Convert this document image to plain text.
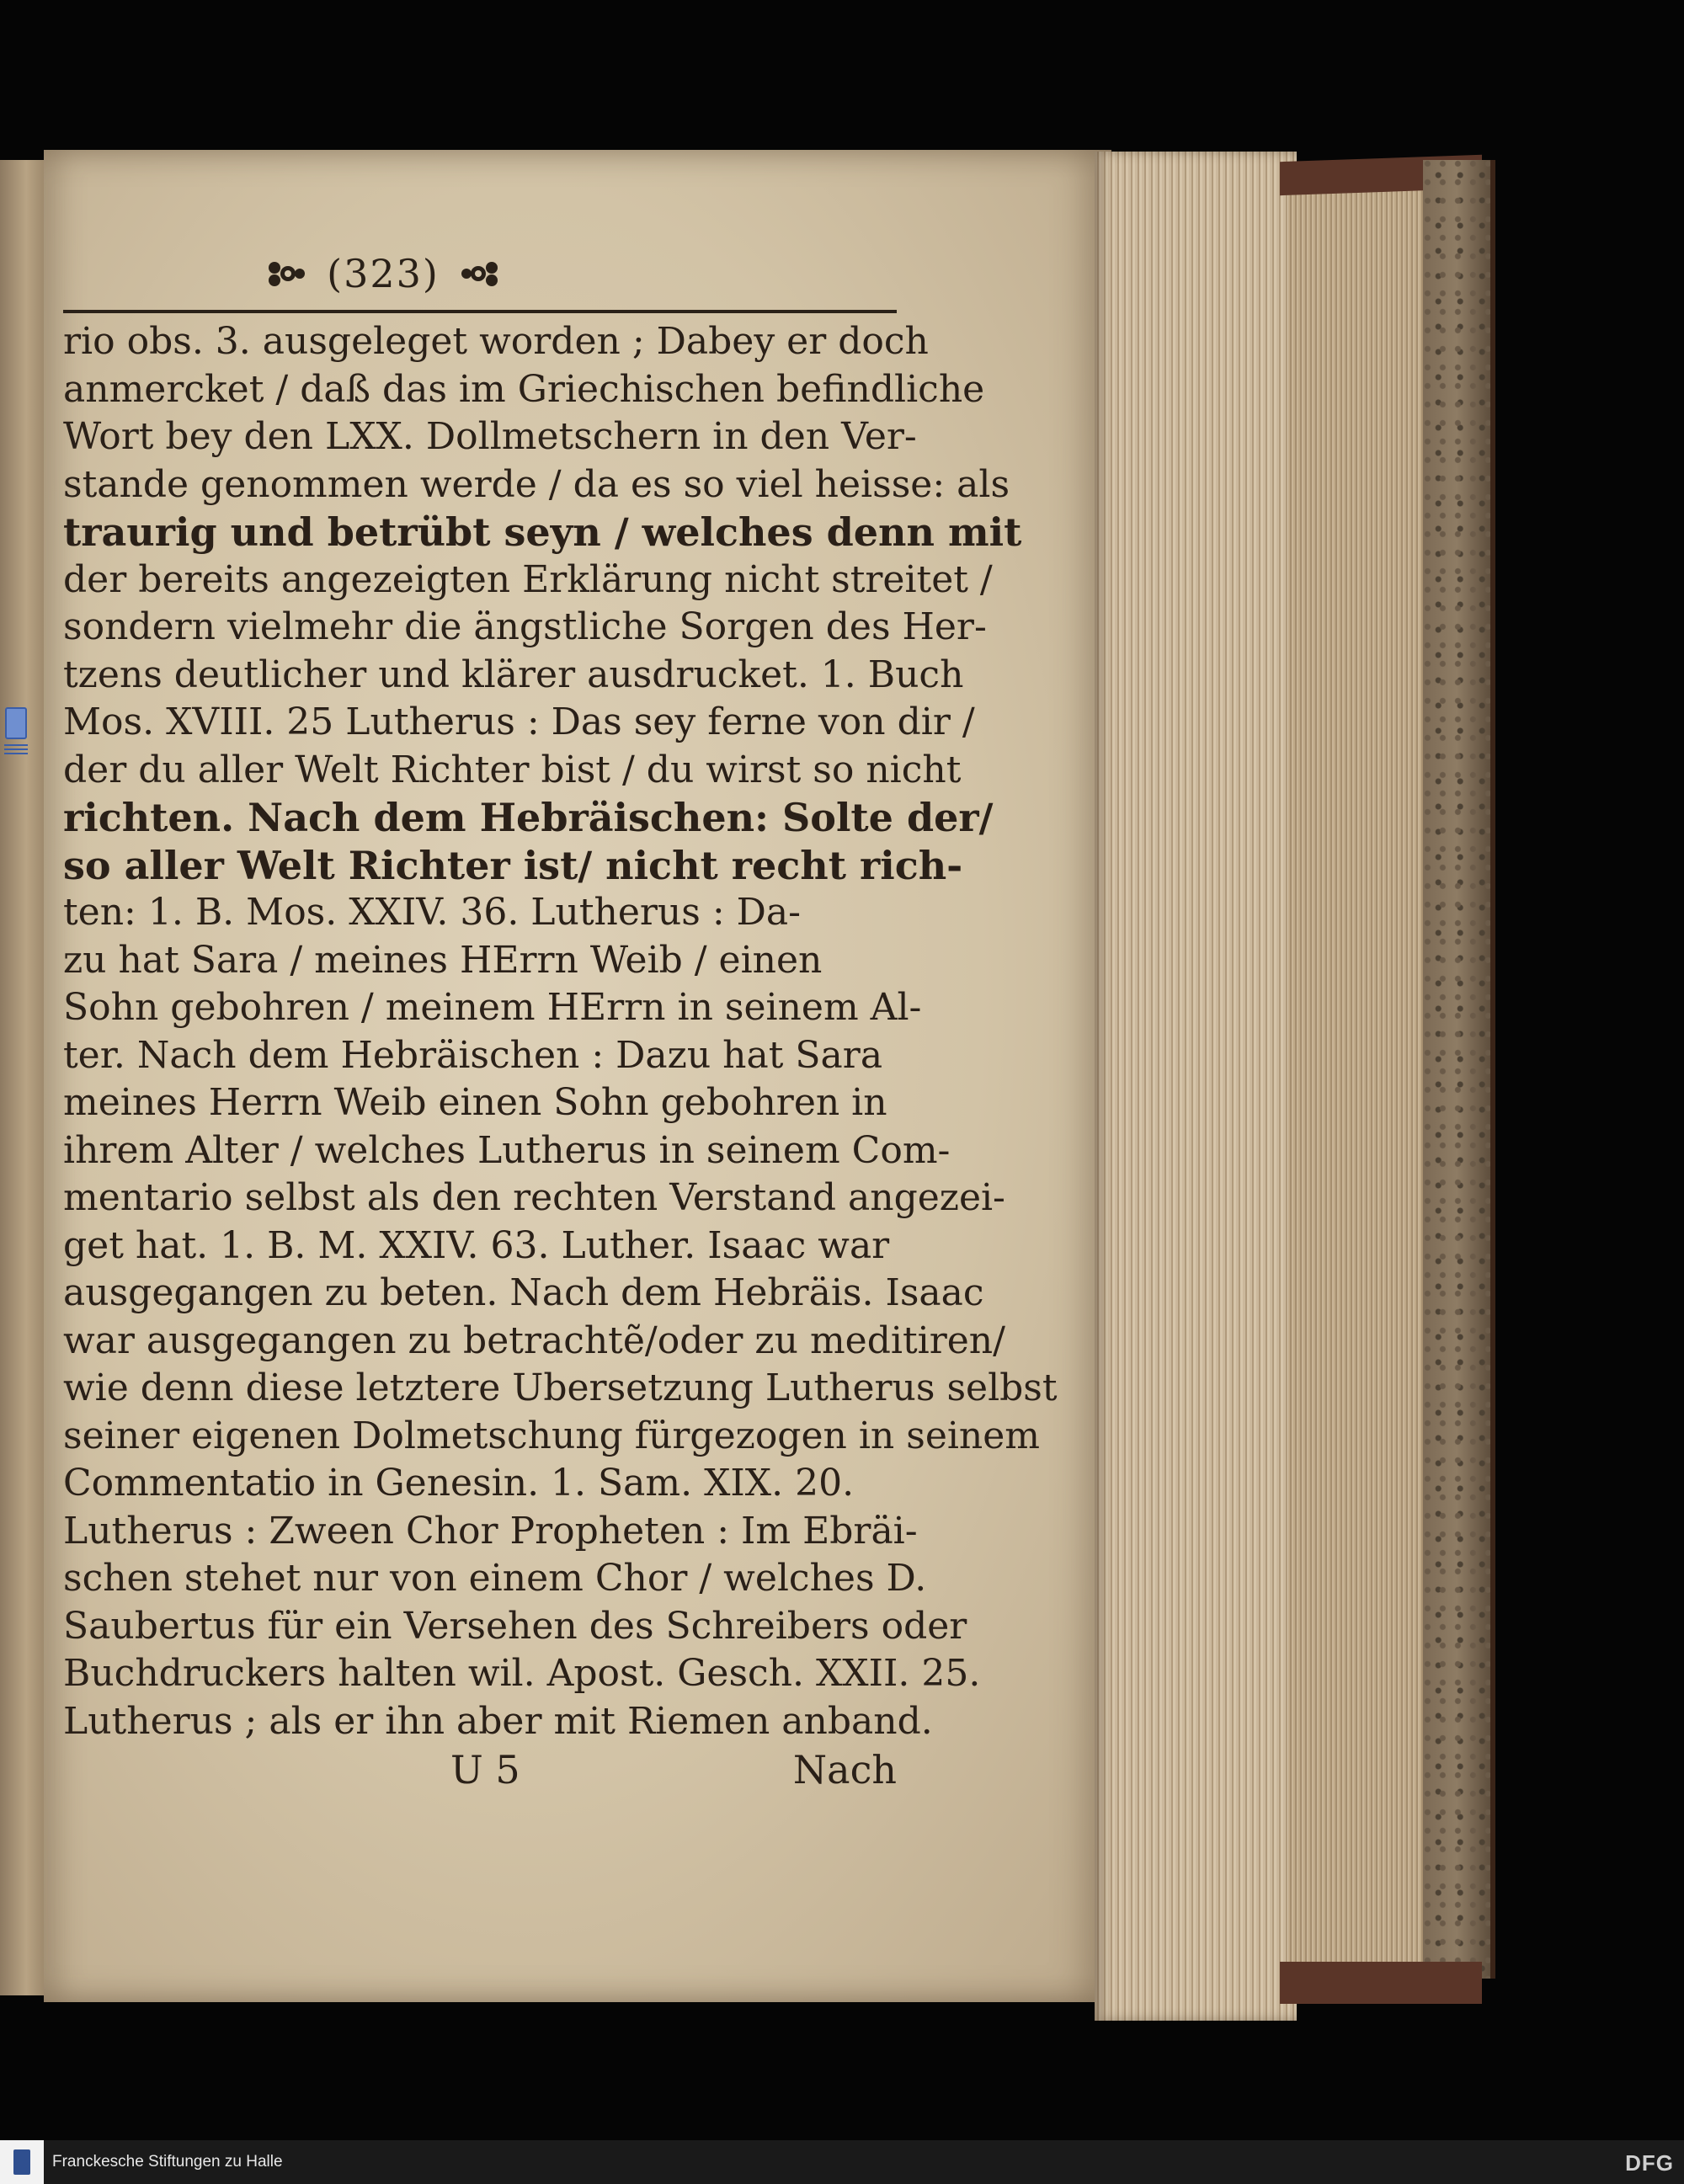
(323)
rio obs. 3. ausgeleget worden ; Dabey er doch
anmercket / daß das im Griechischen befindliche
Wort bey den LXX. Dollmetschern in den Ver-
stande genommen werde / da es so viel heisse: als
traurig und betrübt seyn / welches denn mit
der bereits angezeigten Erklärung nicht streitet /
sondern vielmehr die ängstliche Sorgen des Her-
tzens deutlicher und klärer ausdrucket. 1. Buch
Mos. XVIII. 25 Lutherus : Das sey ferne von dir /
der du aller Welt Richter bist / du wirst so nicht
richten. Nach dem Hebräischen: Solte der/
so aller Welt Richter ist/ nicht recht rich-
ten: 1. B. Mos. XXIV. 36. Lutherus : Da-
zu hat Sara / meines HErrn Weib / einen
Sohn gebohren / meinem HErrn in seinem Al-
ter. Nach dem Hebräischen : Dazu hat Sara
meines Herrn Weib einen Sohn gebohren in
ihrem Alter / welches Lutherus in seinem Com-
mentario selbst als den rechten Verstand angezei-
get hat. 1. B. M. XXIV. 63. Luther. Isaac war
ausgegangen zu beten. Nach dem Hebräis. Isaac
war ausgegangen zu betrachtẽ/oder zu meditiren/
wie denn diese letztere Ubersetzung Lutherus selbst
seiner eigenen Dolmetschung fürgezogen in seinem
Commentatio in Genesin. 1. Sam. XIX. 20.
Lutherus : Zween Chor Propheten : Im Ebräi-
schen stehet nur von einem Chor / welches D.
Saubertus für ein Versehen des Schreibers oder
Buchdruckers halten wil. Apost. Gesch. XXII. 25.
Lutherus ; als er ihn aber mit Riemen anband.
U 5	Nach
Franckesche Stiftungen zu Halle	DFG
